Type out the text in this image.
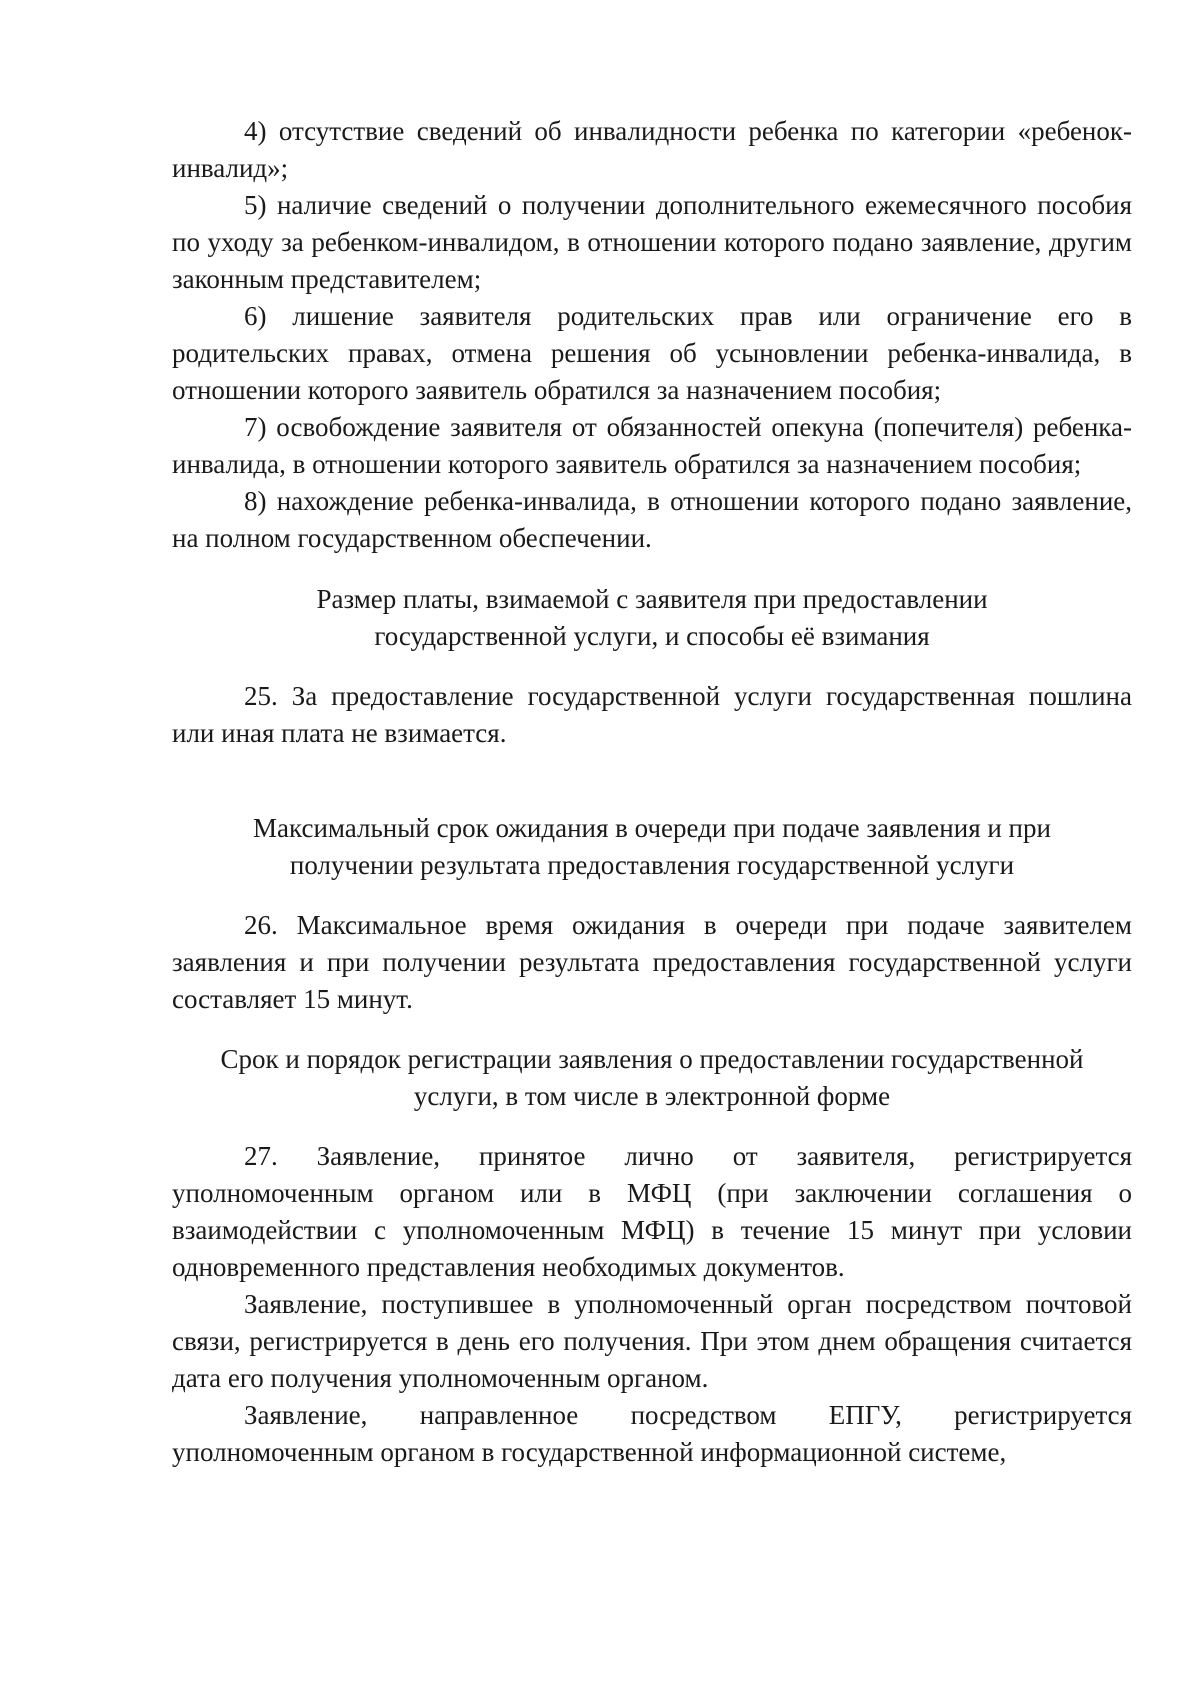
4) отсутствие сведений об инвалидности ребенка по категории «ребенок-инвалид»;

5) наличие сведений о получении дополнительного ежемесячного пособия по уходу за ребенком-инвалидом, в отношении которого подано заявление, другим законным представителем;

6) лишение заявителя родительских прав или ограничение его в родительских правах, отмена решения об усыновлении ребенка-инвалида, в отношении которого заявитель обратился за назначением пособия;

7) освобождение заявителя от обязанностей опекуна (попечителя) ребенка-инвалида, в отношении которого заявитель обратился за назначением пособия;

8) нахождение ребенка-инвалида, в отношении которого подано заявление, на полном государственном обеспечении.

Размер платы, взимаемой с заявителя при предоставлении
государственной услуги, и способы её взимания

25. За предоставление государственной услуги государственная пошлина или иная плата не взимается.

Максимальный срок ожидания в очереди при подаче заявления и при
получении результата предоставления государственной услуги

26. Максимальное время ожидания в очереди при подаче заявителем заявления и при получении результата предоставления государственной услуги составляет 15 минут.

Срок и порядок регистрации заявления о предоставлении государственной
услуги, в том числе в электронной форме

27. Заявление, принятое лично от заявителя, регистрируется уполномоченным органом или в МФЦ (при заключении соглашения о взаимодействии с уполномоченным МФЦ) в течение 15 минут при условии одновременного представления необходимых документов.

Заявление, поступившее в уполномоченный орган посредством почтовой связи, регистрируется в день его получения. При этом днем обращения считается дата его получения уполномоченным органом.

Заявление, направленное посредством ЕПГУ, регистрируется уполномоченным органом в государственной информационной системе,
